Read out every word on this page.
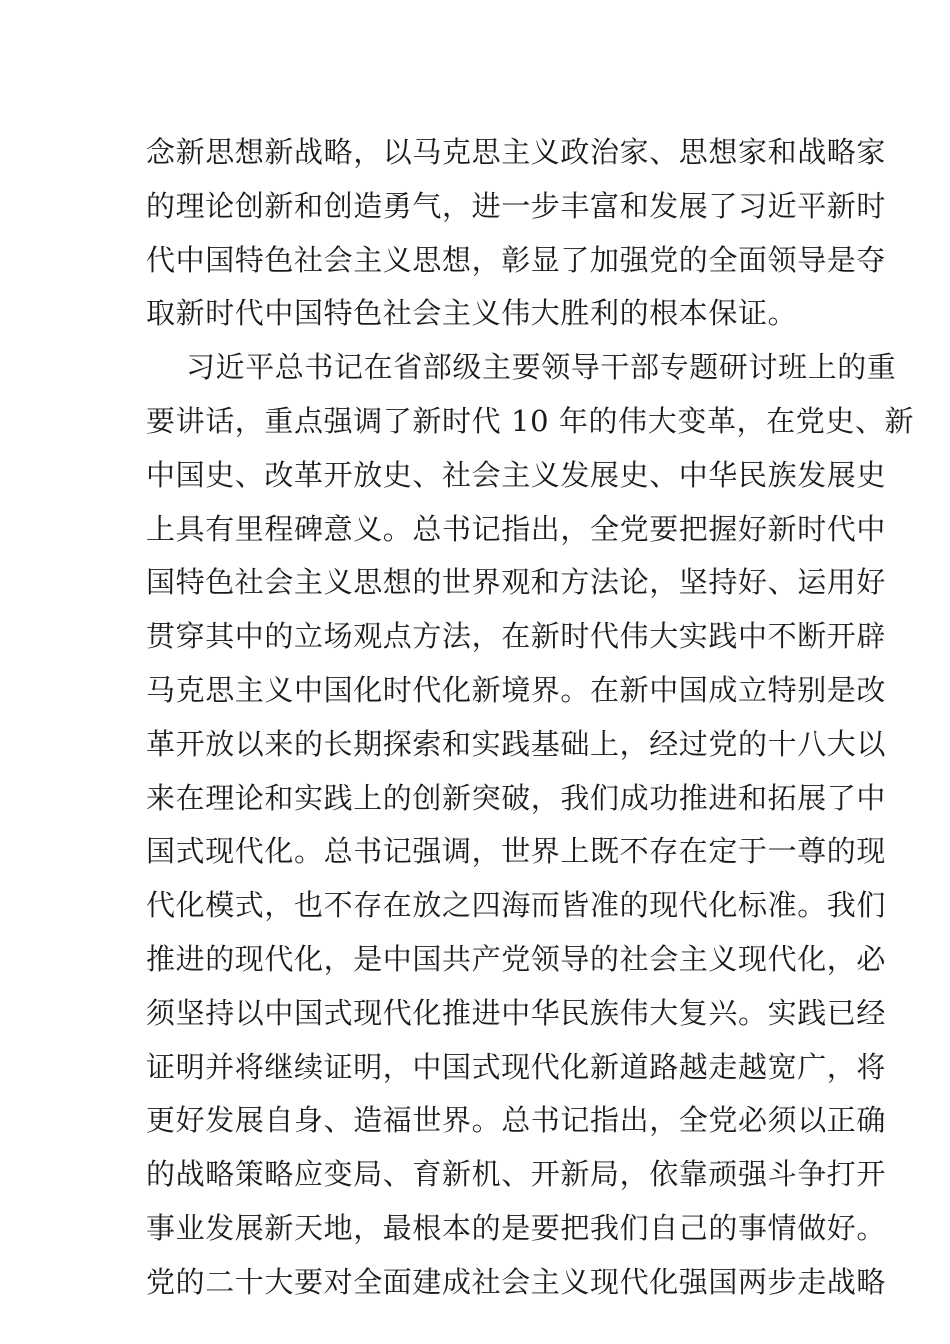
念新思想新战略，以马克思主义政治家、思想家和战略家
的理论创新和创造勇气，进一步丰富和发展了习近平新时
代中国特色社会主义思想，彰显了加强党的全面领导是夺
取新时代中国特色社会主义伟大胜利的根本保证。
习近平总书记在省部级主要领导干部专题研讨班上的重
要讲话，重点强调了新时代 10 年的伟大变革，在党史、新
中国史、改革开放史、社会主义发展史、中华民族发展史
上具有里程碑意义。总书记指出，全党要把握好新时代中
国特色社会主义思想的世界观和方法论，坚持好、运用好
贯穿其中的立场观点方法，在新时代伟大实践中不断开辟
马克思主义中国化时代化新境界。在新中国成立特别是改
革开放以来的长期探索和实践基础上，经过党的十八大以
来在理论和实践上的创新突破，我们成功推进和拓展了中
国式现代化。总书记强调，世界上既不存在定于一尊的现
代化模式，也不存在放之四海而皆准的现代化标准。我们
推进的现代化，是中国共产党领导的社会主义现代化，必
须坚持以中国式现代化推进中华民族伟大复兴。实践已经
证明并将继续证明，中国式现代化新道路越走越宽广，将
更好发展自身、造福世界。总书记指出，全党必须以正确
的战略策略应变局、育新机、开新局，依靠顽强斗争打开
事业发展新天地，最根本的是要把我们自己的事情做好。
党的二十大要对全面建成社会主义现代化强国两步走战略
